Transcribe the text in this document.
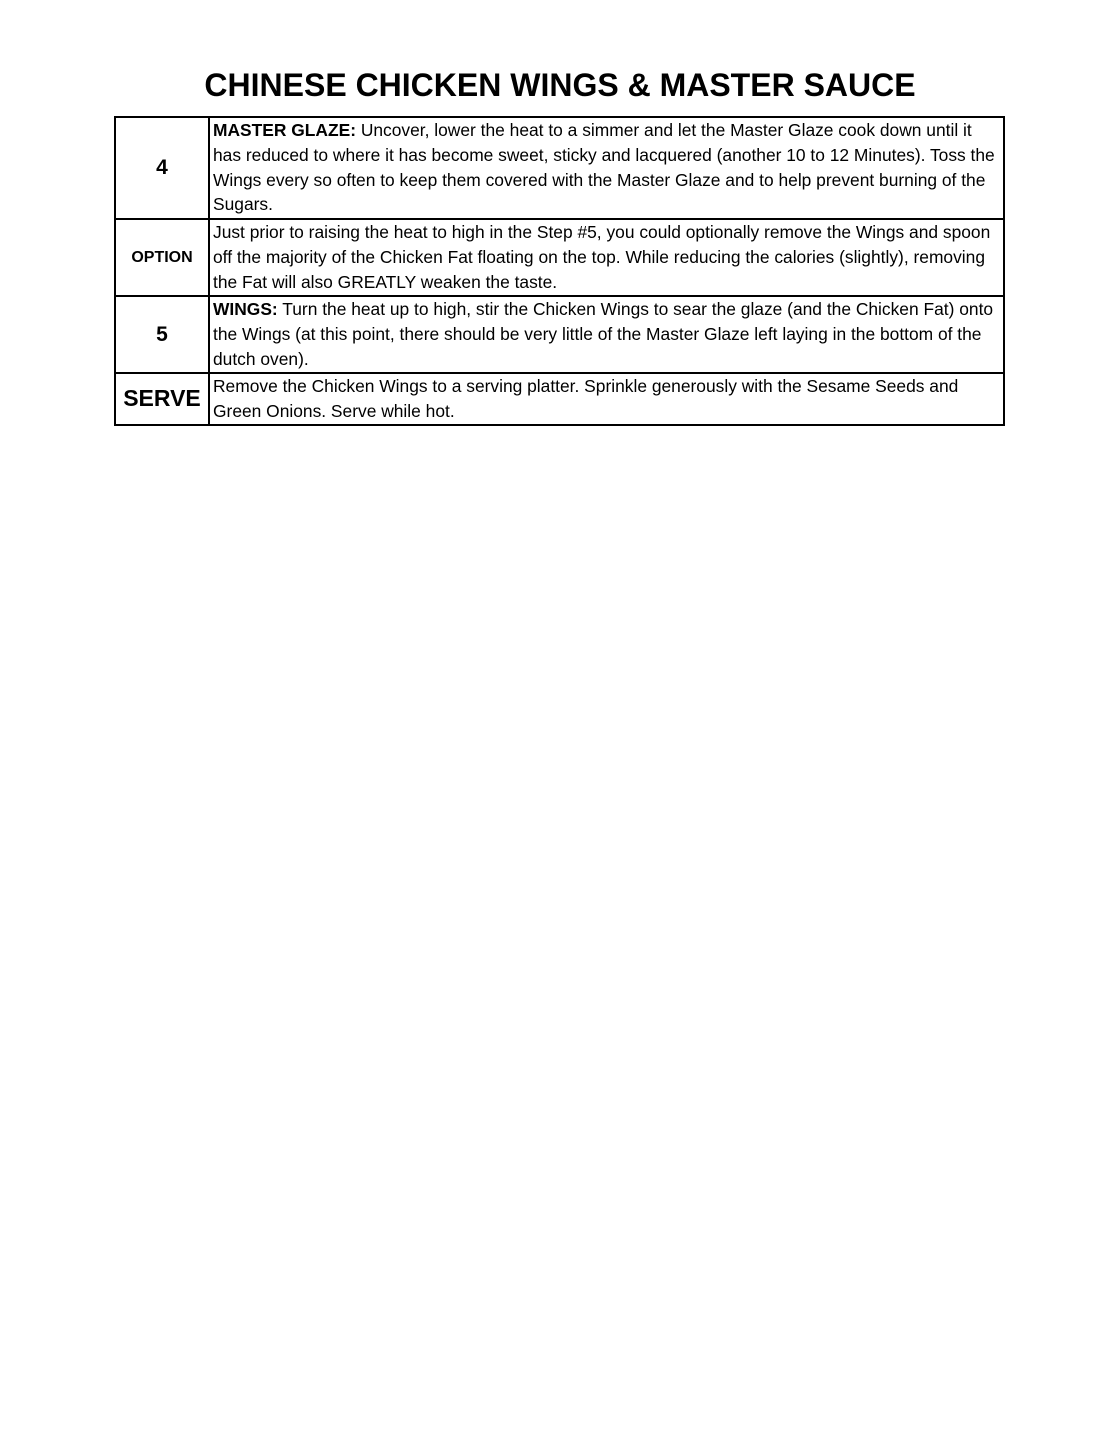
CHINESE CHICKEN WINGS & MASTER SAUCE
4	MASTER GLAZE: Uncover, lower the heat to a simmer and let the Master Glaze cook down until it has reduced to where it has become sweet, sticky and lacquered (another 10 to 12 Minutes). Toss the Wings every so often to keep them covered with the Master Glaze and to help prevent burning of the Sugars.
OPTION	Just prior to raising the heat to high in the Step #5, you could optionally remove the Wings and spoon off the majority of the Chicken Fat floating on the top. While reducing the calories (slightly), removing the Fat will also GREATLY weaken the taste.
5	WINGS: Turn the heat up to high, stir the Chicken Wings to sear the glaze (and the Chicken Fat) onto the Wings (at this point, there should be very little of the Master Glaze left laying in the bottom of the dutch oven).
SERVE	Remove the Chicken Wings to a serving platter. Sprinkle generously with the Sesame Seeds and Green Onions. Serve while hot.
